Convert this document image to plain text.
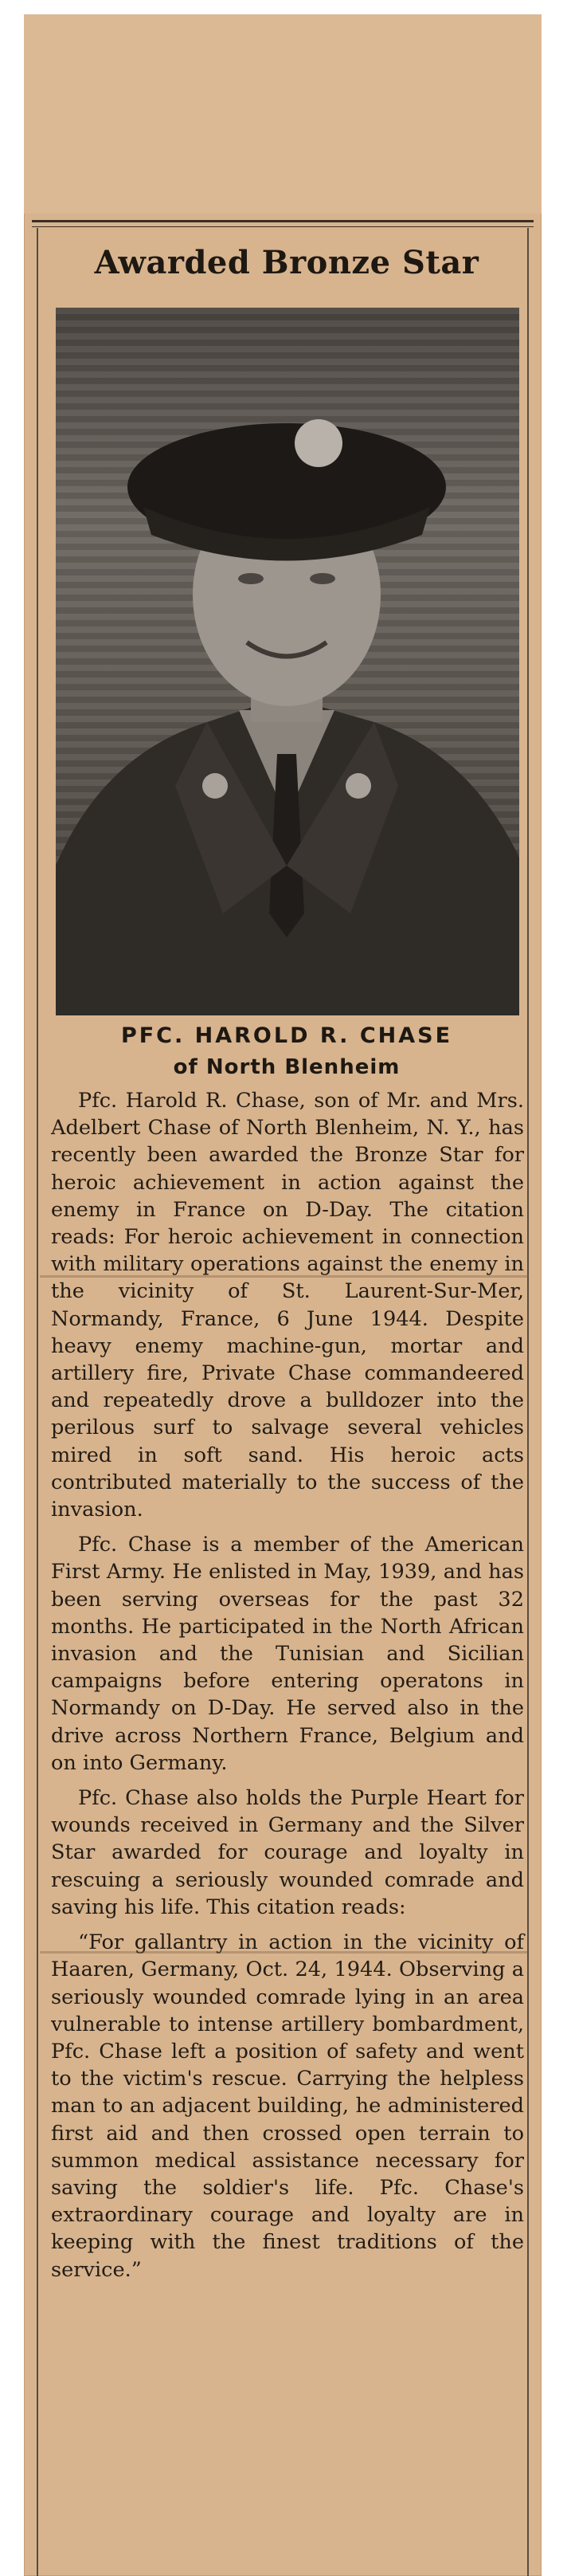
Awarded Bronze Star
PFC. HAROLD R. CHASE
of North Blenheim

Pfc. Harold R. Chase, son of Mr. and Mrs. Adelbert Chase of North Blenheim, N. Y., has recently been awarded the Bronze Star for heroic achievement in action against the enemy in France on D-Day. The citation reads: For heroic achievement in connection with military operations against the enemy in the vicinity of St. Laurent-Sur-Mer, Normandy, France, 6 June 1944. Despite heavy enemy machine-gun, mortar and artillery fire, Private Chase commandeered and repeatedly drove a bulldozer into the perilous surf to salvage several vehicles mired in soft sand. His heroic acts contributed materially to the success of the invasion.

Pfc. Chase is a member of the American First Army. He enlisted in May, 1939, and has been serving overseas for the past 32 months. He participated in the North African invasion and the Tunisian and Sicilian campaigns before entering operatons in Normandy on D-Day. He served also in the drive across Northern France, Belgium and on into Germany.

Pfc. Chase also holds the Purple Heart for wounds received in Germany and the Silver Star awarded for courage and loyalty in rescuing a seriously wounded comrade and saving his life. This citation reads:

“For gallantry in action in the vicinity of Haaren, Germany, Oct. 24, 1944. Observing a seriously wounded comrade lying in an area vulnerable to intense artillery bombardment, Pfc. Chase left a position of safety and went to the victim's rescue. Carrying the helpless man to an adjacent building, he administered first aid and then crossed open terrain to summon medical assistance necessary for saving the soldier's life. Pfc. Chase's extraordinary courage and loyalty are in keeping with the finest traditions of the service.”
